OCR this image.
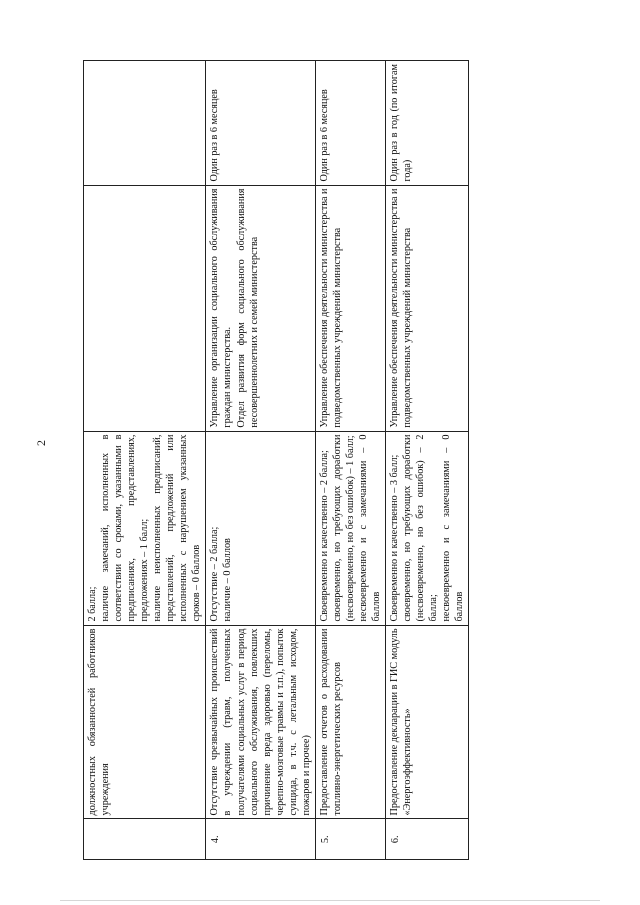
2
	должностных обязанностей работников учреждения	2 балла; наличие замечаний, исполненных в соответствии со сроками, указанными в предписаниях, представлениях, предложениях – 1 балл; наличие неисполненных предписаний, представлений, предложений или исполненных с нарушением указанных сроков – 0 баллов		
4.	Отсутствие чрезвычайных происшествий в учреждении (травм, полученных получателями социальных услуг в период социального обслуживания, повлекших причинение вреда здоровью (переломы, черепно-мозговые травмы и т.п.), попыток суицида, в т.ч. с летальным исходом, пожаров и прочее)	Отсутствие – 2 балла; наличие – 0 баллов	Управление организации социального обслуживания граждан министерства. Отдел развития форм социального обслуживания несовершеннолетних и семей министерства	Один раз в 6 месяцев
5.	Предоставление отчетов о расходовании топливно-энергетических ресурсов	Своевременно и качественно – 2 балла; своевременно, но требующих доработки (несвоевременно, но без ошибок) – 1 балл; несвоевременно и с замечаниями – 0 баллов	Управление обеспечения деятельности министерства и подведомственных учреждений министерства	Один раз в 6 месяцев
6.	Предоставление декларации в ГИС модуль «Энергоэффективность»	Своевременно и качественно – 3 балл; своевременно, но требующих доработки (несвоевременно, но без ошибок) – 2 балла; несвоевременно и с замечаниями – 0 баллов	Управление обеспечения деятельности министерства и подведомственных учреждений министерства	Один раз в год (по итогам года)
